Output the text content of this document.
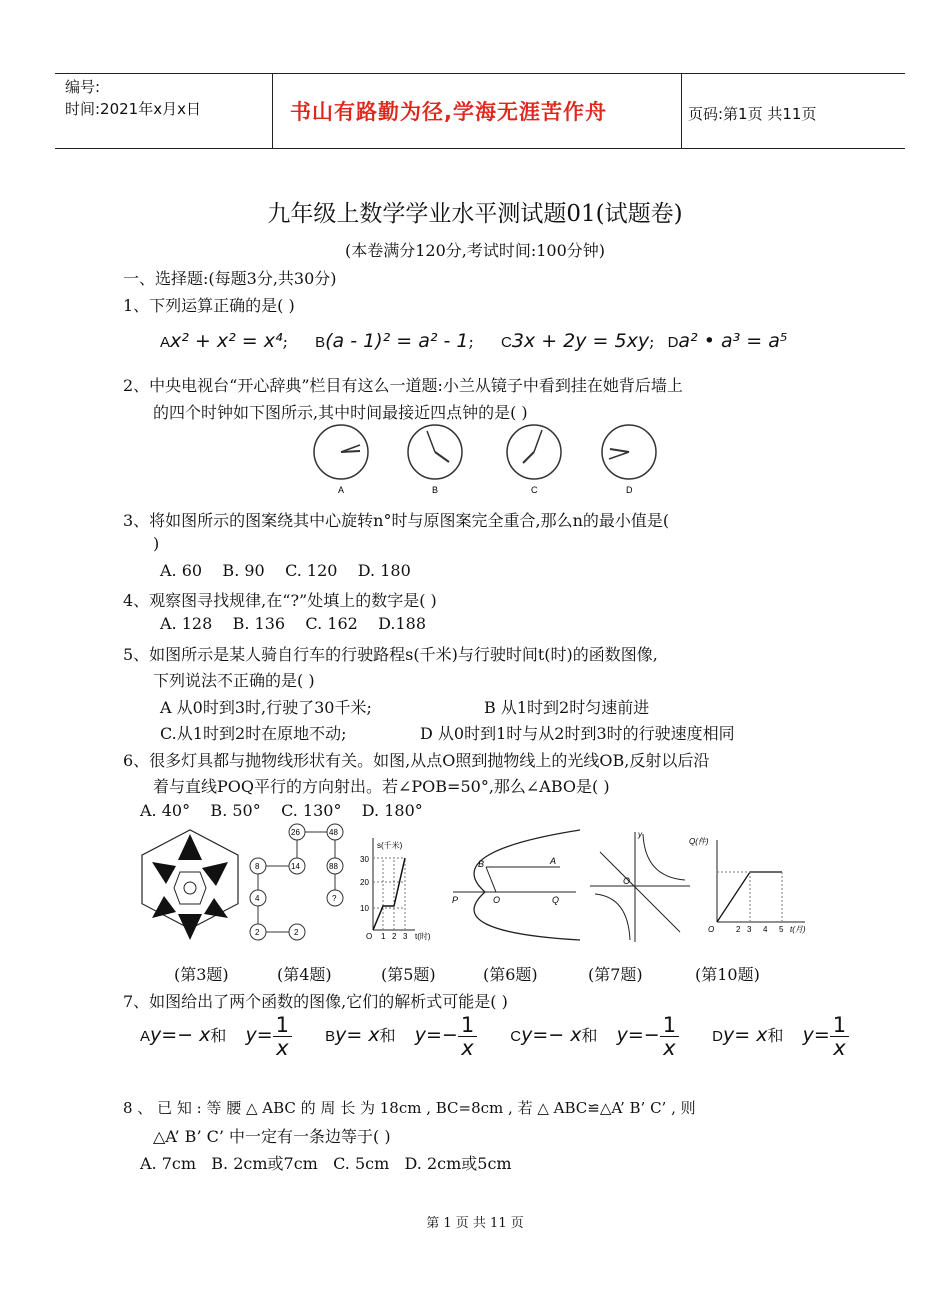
编号:
时间:2021年x月x日	书山有路勤为径,学海无涯苦作舟	页码:第1页 共11页
九年级上数学学业水平测试题01(试题卷)
(本卷满分120分,考试时间:100分钟)
一、选择题:(每题3分,共30分)
1、下列运算正确的是( )
Ax² + x² = x⁴; B(a - 1)² = a² - 1; C3x + 2y = 5xy; Da² • a³ = a⁵
2、中央电视台“开心辞典”栏目有这么一道题:小兰从镜子中看到挂在她背后墙上
的四个时钟如下图所示,其中时间最接近四点钟的是( )
A	B	C	D
3、将如图所示的图案绕其中心旋转n°时与原图案完全重合,那么n的最小值是(
)
A. 60    B. 90    C. 120    D. 180
4、观察图寻找规律,在“?”处填上的数字是( )
A. 128    B. 136    C. 162    D.188
5、如图所示是某人骑自行车的行驶路程s(千米)与行驶时间t(时)的函数图像,
下列说法不正确的是( )
A 从0时到3时,行驶了30千米;	B 从1时到2时匀速前进
C.从1时到2时在原地不动;	D 从0时到1时与从2时到3时的行驶速度相同
6、很多灯具都与抛物线形状有关。如图,从点O照到抛物线上的光线OB,反射以后沿
着与直线POQ平行的方向射出。若∠POB=50°,那么∠ABO是( )
A. 40°    B. 50°    C. 130°    D. 180°
26	48
8	14	88
4	?
2	2
s(千米)
30
20
10
O 1 2 3 t(时)
B	A
P	O	Q
y
O
Q(件)
O	2 3 4 5 t(月)
(第3题)	(第4题)	(第5题)	(第6题)	(第7题)	(第10题)
7、如图给出了两个函数的图像,它们的解析式可能是( )
Ay=− x和 $y= \frac{1}{x} By= x$和 $y=- \frac{1}{x} Cy=- x$和 $y=- \frac{1}{x} Dy= x$和 $y= \frac{1}{x}$
8 、 已 知 : 等 腰 △ ABC 的 周 长 为 18cm , BC=8cm , 若 △ ABC≌△A’ B’ C’ , 则
△A’ B’ C’ 中一定有一条边等于( )
A. 7cm   B. 2cm或7cm   C. 5cm   D. 2cm或5cm
第 1 页 共 11 页
